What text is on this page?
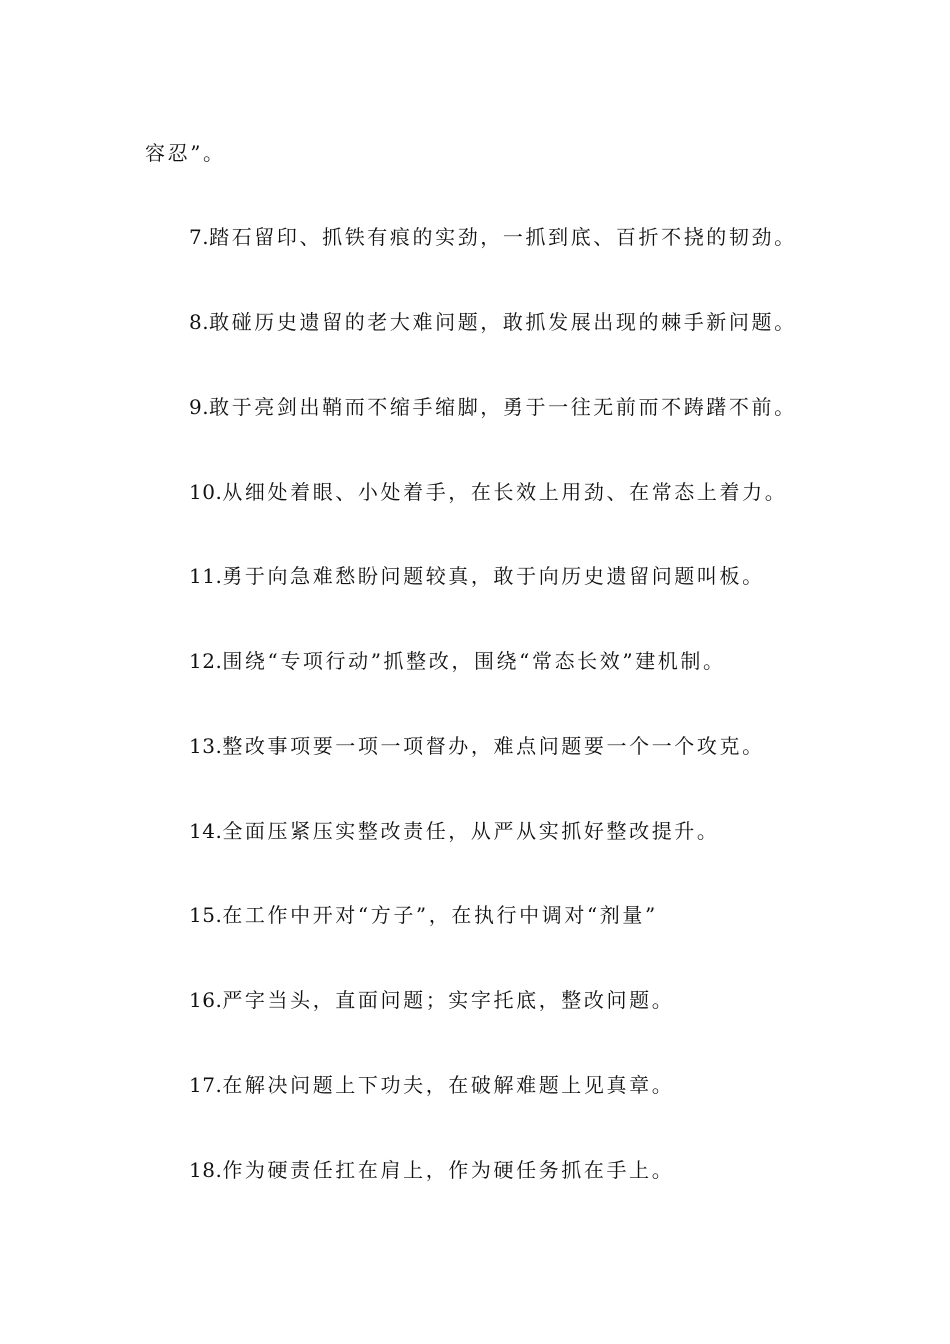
容忍”。
7.踏石留印、抓铁有痕的实劲，一抓到底、百折不挠的韧劲。
8.敢碰历史遗留的老大难问题，敢抓发展出现的棘手新问题。
9.敢于亮剑出鞘而不缩手缩脚，勇于一往无前而不踌躇不前。
10.从细处着眼、小处着手，在长效上用劲、在常态上着力。
11.勇于向急难愁盼问题较真，敢于向历史遗留问题叫板。
12.围绕“专项行动”抓整改，围绕“常态长效”建机制。
13.整改事项要一项一项督办，难点问题要一个一个攻克。
14.全面压紧压实整改责任，从严从实抓好整改提升。
15.在工作中开对“方子”，在执行中调对“剂量”
16.严字当头，直面问题；实字托底，整改问题。
17.在解决问题上下功夫，在破解难题上见真章。
18.作为硬责任扛在肩上，作为硬任务抓在手上。
